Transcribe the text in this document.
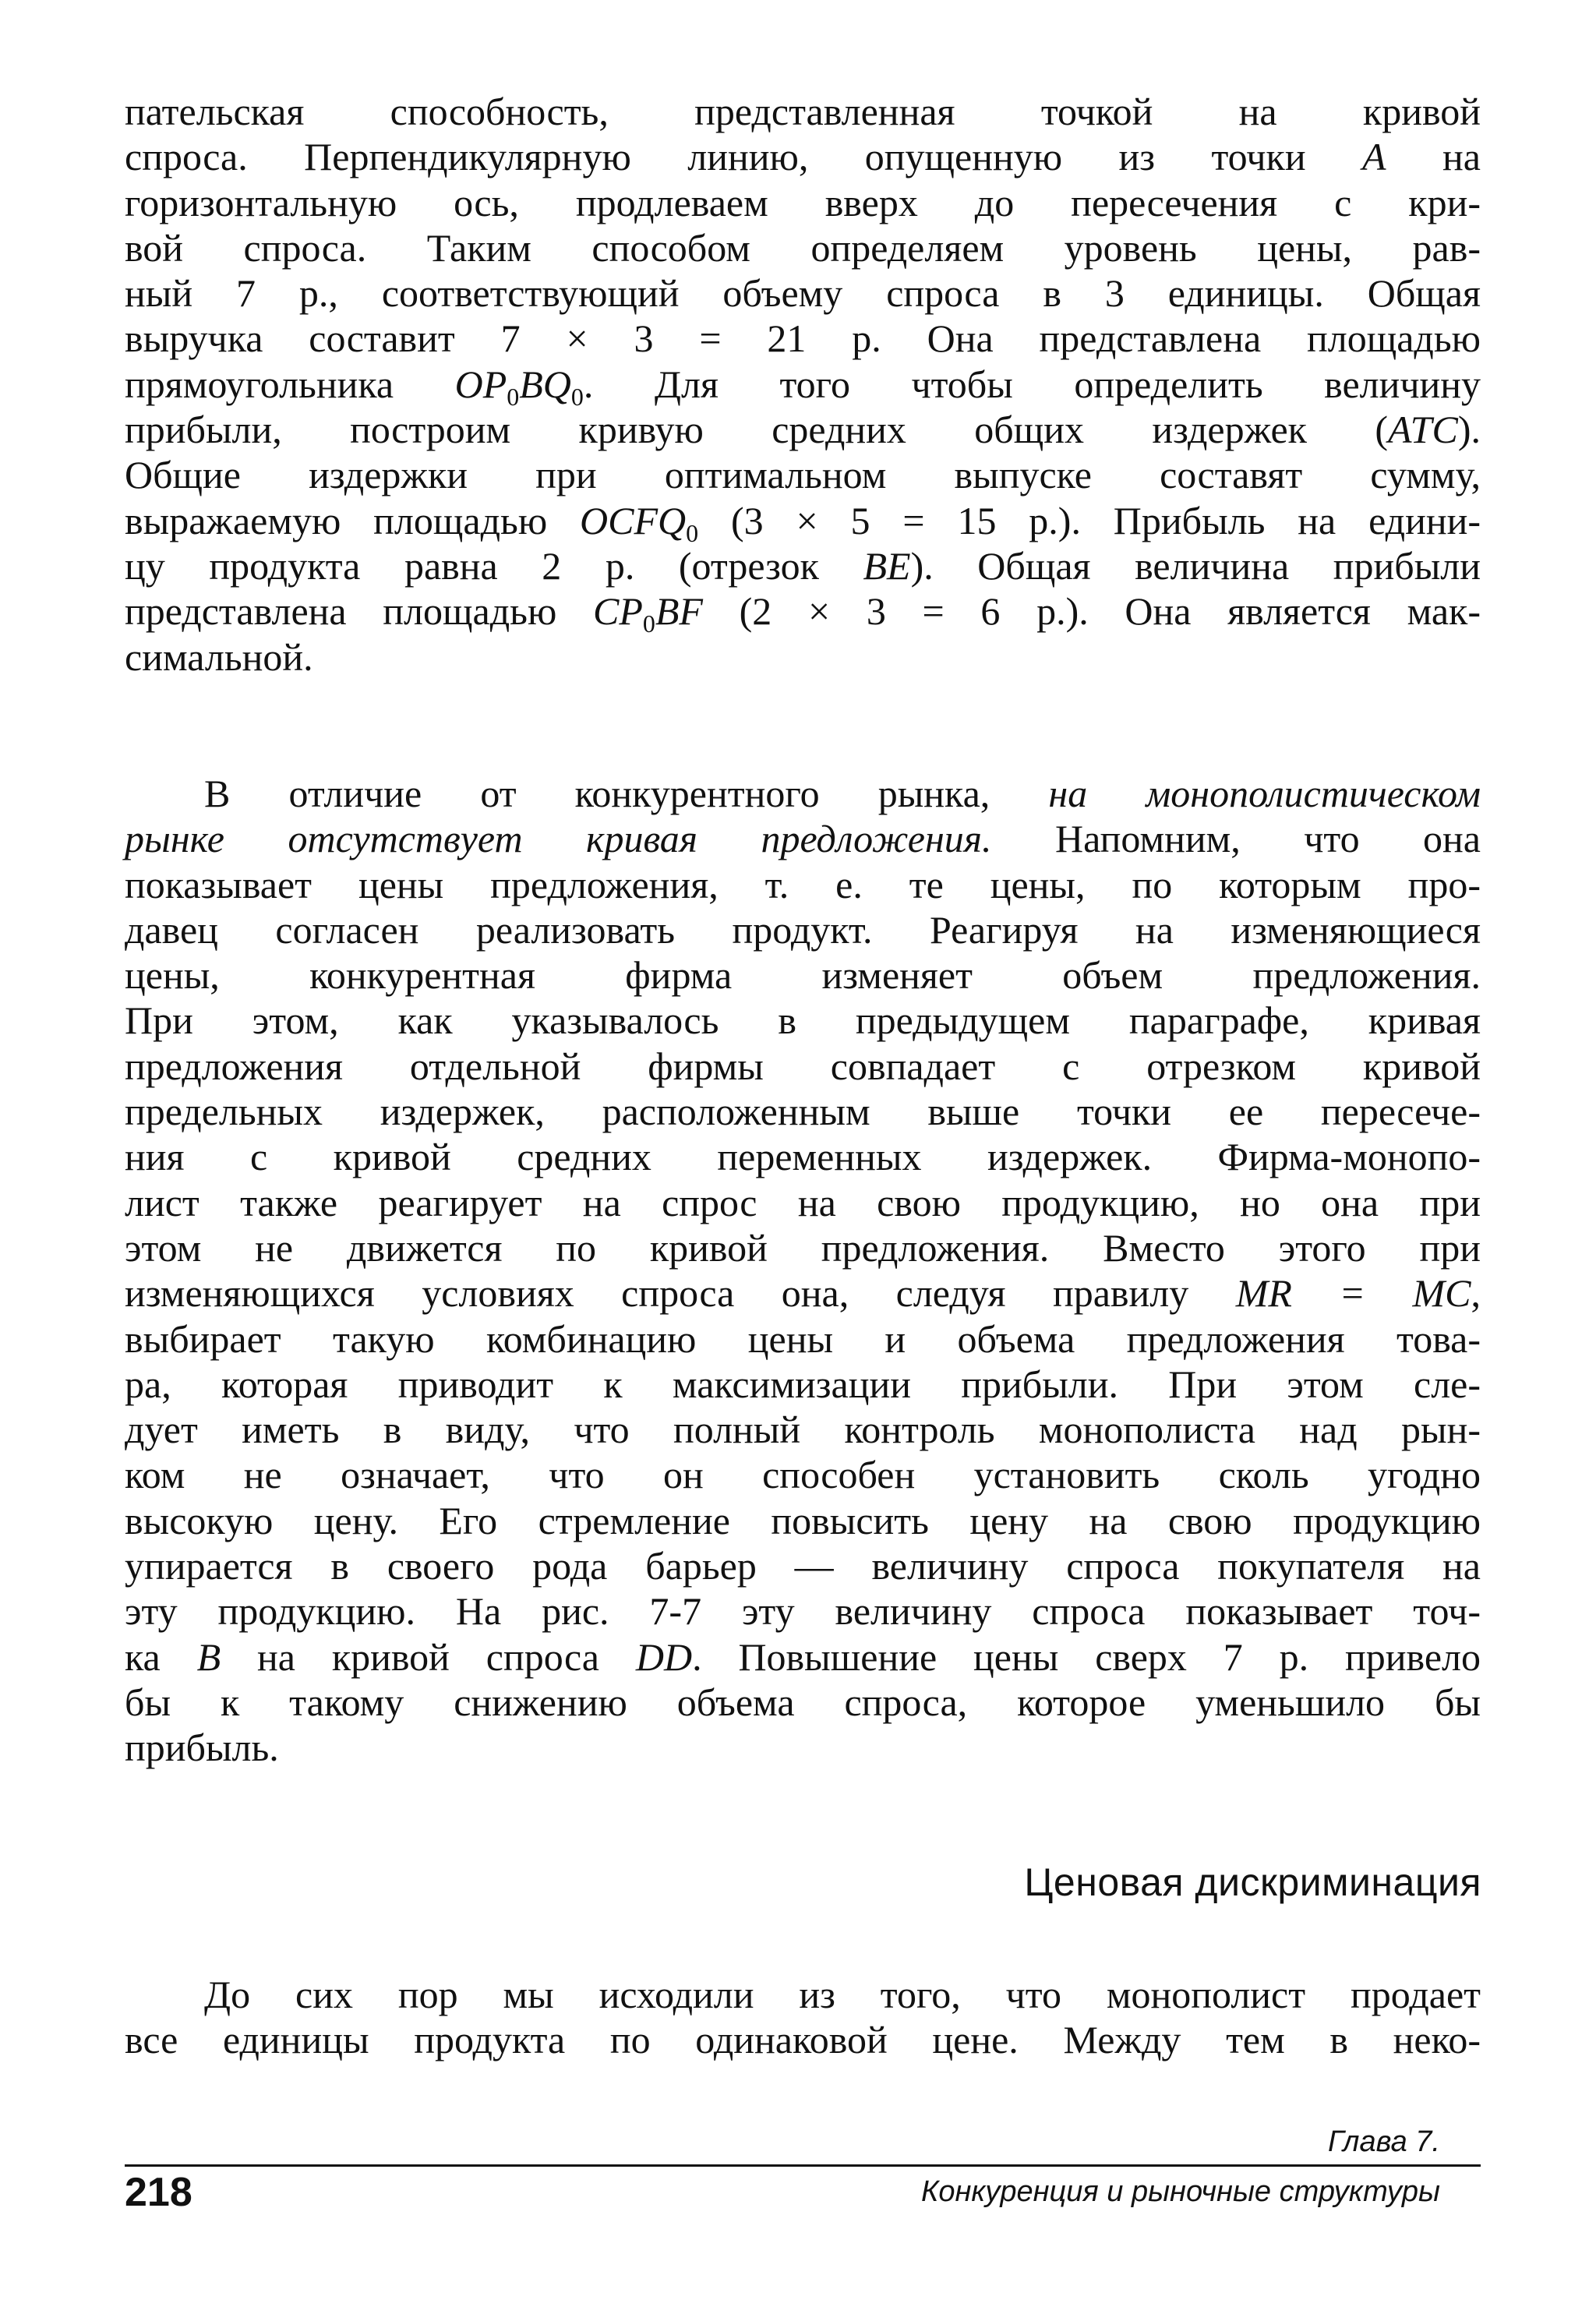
пательская способность, представленная точкой на кривой
спроса. Перпендикулярную линию, опущенную из точки A на
горизонтальную ось, продлеваем вверх до пересечения с кри-
вой спроса. Таким способом определяем уровень цены, рав-
ный 7 р., соответствующий объему спроса в 3 единицы. Общая
выручка составит 7 × 3 = 21 р. Она представлена площадью
прямоугольника $OP_0BQ_0$. Для того чтобы определить величину
прибыли, построим кривую средних общих издержек (ATC).
Общие издержки при оптимальном выпуске составят сумму,
выражаемую площадью $OCFQ_0$ (3 × 5 = 15 р.). Прибыль на едини-
цу продукта равна 2 р. (отрезок BE). Общая величина прибыли
представлена площадью $CP_0BF$ (2 × 3 = 6 р.). Она является мак-
симальной.
В отличие от конкурентного рынка, на монополистическом
рынке отсутствует кривая предложения. Напомним, что она
показывает цены предложения, т. е. те цены, по которым про-
давец согласен реализовать продукт. Реагируя на изменяющиеся
цены, конкурентная фирма изменяет объем предложения.
При этом, как указывалось в предыдущем параграфе, кривая
предложения отдельной фирмы совпадает с отрезком кривой
предельных издержек, расположенным выше точки ее пересече-
ния с кривой средних переменных издержек. Фирма-монопо-
лист также реагирует на спрос на свою продукцию, но она при
этом не движется по кривой предложения. Вместо этого при
изменяющихся условиях спроса она, следуя правилу MR = MC,
выбирает такую комбинацию цены и объема предложения това-
ра, которая приводит к максимизации прибыли. При этом сле-
дует иметь в виду, что полный контроль монополиста над рын-
ком не означает, что он способен установить сколь угодно
высокую цену. Его стремление повысить цену на свою продукцию
упирается в своего рода барьер — величину спроса покупателя на
эту продукцию. На рис. 7-7 эту величину спроса показывает точ-
ка B на кривой спроса DD. Повышение цены сверх 7 р. привело
бы к такому снижению объема спроса, которое уменьшило бы
прибыль.
Ценовая дискриминация
До сих пор мы исходили из того, что монополист продает
все единицы продукта по одинаковой цене. Между тем в неко-
Глава 7.
218	Конкуренция и рыночные структуры
